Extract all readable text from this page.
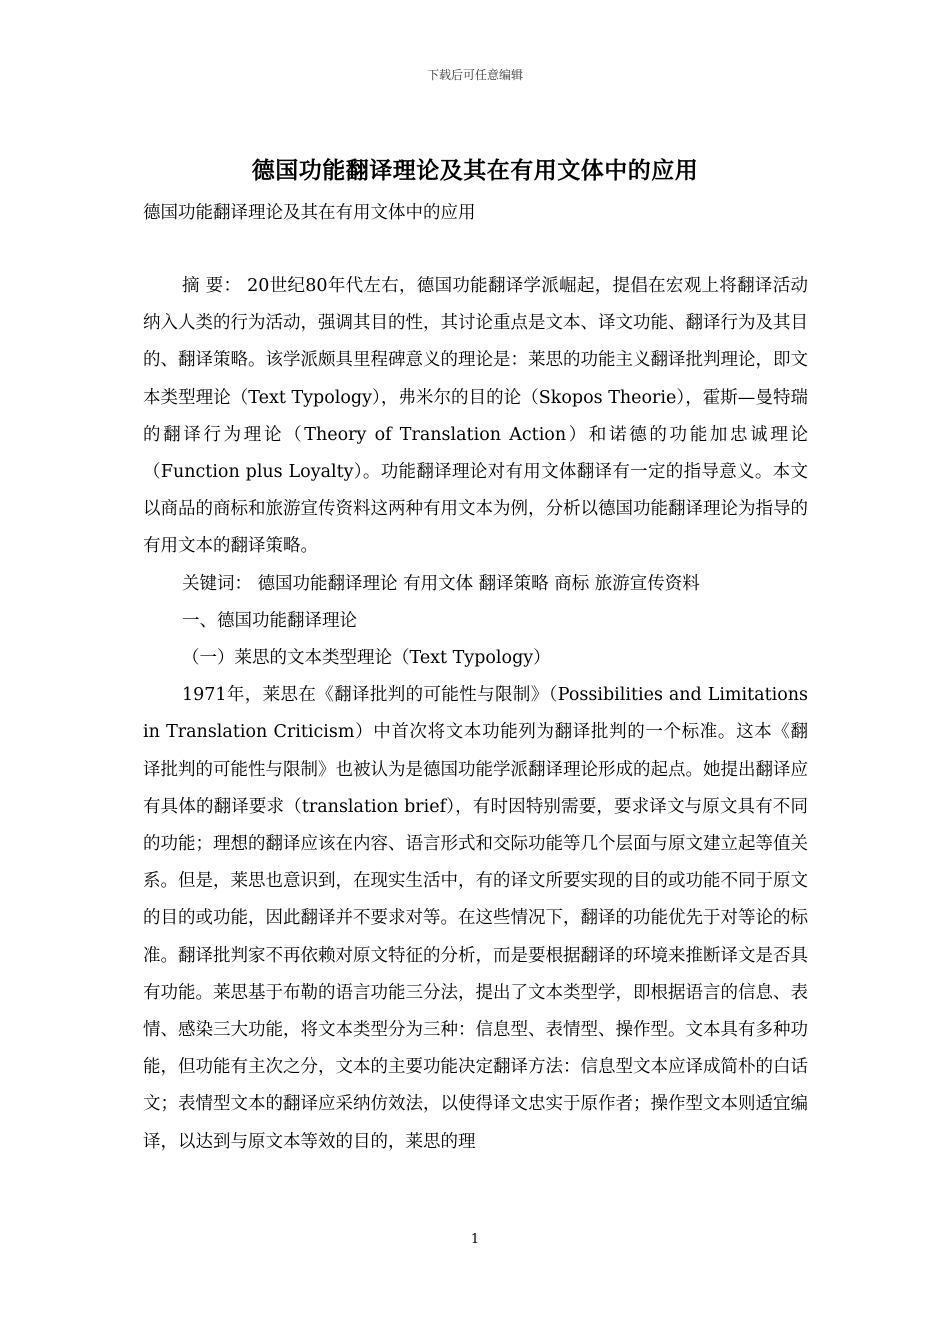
下载后可任意编辑
德国功能翻译理论及其在有用文体中的应用
德国功能翻译理论及其在有用文体中的应用

摘 要： 20世纪80年代左右，德国功能翻译学派崛起，提倡在宏观上将翻译活动纳入人类的行为活动，强调其目的性，其讨论重点是文本、译文功能、翻译行为及其目的、翻译策略。该学派颇具里程碑意义的理论是：莱思的功能主义翻译批判理论，即文本类型理论（Text Typology），弗米尔的目的论（Skopos Theorie），霍斯—曼特瑞的翻译行为理论（Theory of Translation Action）和诺德的功能加忠诚理论（Function plus Loyalty）。功能翻译理论对有用文体翻译有一定的指导意义。本文以商品的商标和旅游宣传资料这两种有用文本为例，分析以德国功能翻译理论为指导的有用文本的翻译策略。

关键词： 德国功能翻译理论 有用文体 翻译策略 商标 旅游宣传资料

一、德国功能翻译理论

（一）莱思的文本类型理论（Text Typology）

1971年，莱思在《翻译批判的可能性与限制》（Possibilities and Limitations in Translation Criticism）中首次将文本功能列为翻译批判的一个标准。这本《翻译批判的可能性与限制》也被认为是德国功能学派翻译理论形成的起点。她提出翻译应有具体的翻译要求（translation brief），有时因特别需要，要求译文与原文具有不同的功能；理想的翻译应该在内容、语言形式和交际功能等几个层面与原文建立起等值关系。但是，莱思也意识到，在现实生活中，有的译文所要实现的目的或功能不同于原文的目的或功能，因此翻译并不要求对等。在这些情况下，翻译的功能优先于对等论的标准。翻译批判家不再依赖对原文特征的分析，而是要根据翻译的环境来推断译文是否具有功能。莱思基于布勒的语言功能三分法，提出了文本类型学，即根据语言的信息、表情、感染三大功能，将文本类型分为三种：信息型、表情型、操作型。文本具有多种功能，但功能有主次之分，文本的主要功能决定翻译方法：信息型文本应译成简朴的白话文；表情型文本的翻译应采纳仿效法，以使得译文忠实于原作者；操作型文本则适宜编译，以达到与原文本等效的目的，莱思的理

1
